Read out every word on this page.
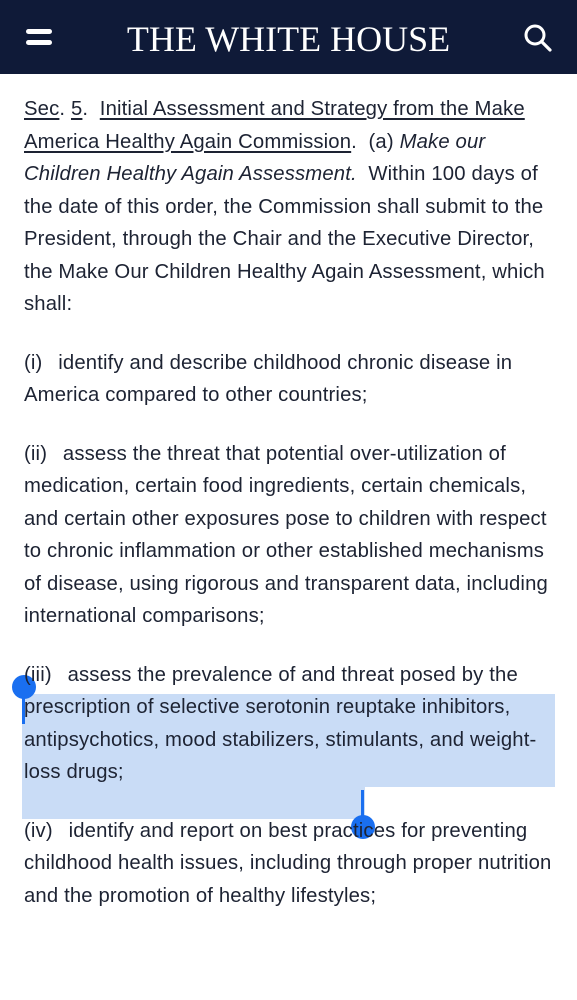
THE WHITE HOUSE

Sec. 5.  Initial Assessment and Strategy from the Make America Healthy Again Commission.  (a) Make our Children Healthy Again Assessment. Within 100 days of the date of this order, the Commission shall submit to the President, through the Chair and the Executive Director, the Make Our Children Healthy Again Assessment, which shall:

(i) identify and describe childhood chronic disease in America compared to other countries;

(ii) assess the threat that potential over-utilization of medication, certain food ingredients, certain chemicals, and certain other exposures pose to children with respect to chronic inflammation or other established mechanisms of disease, using rigorous and transparent data, including international comparisons;

(iii) assess the prevalence of and threat posed by the prescription of selective serotonin reuptake inhibitors, antipsychotics, mood stabilizers, stimulants, and weight-loss drugs;

(iv) identify and report on best practices for preventing childhood health issues, including through proper nutrition and the promotion of healthy lifestyles;
